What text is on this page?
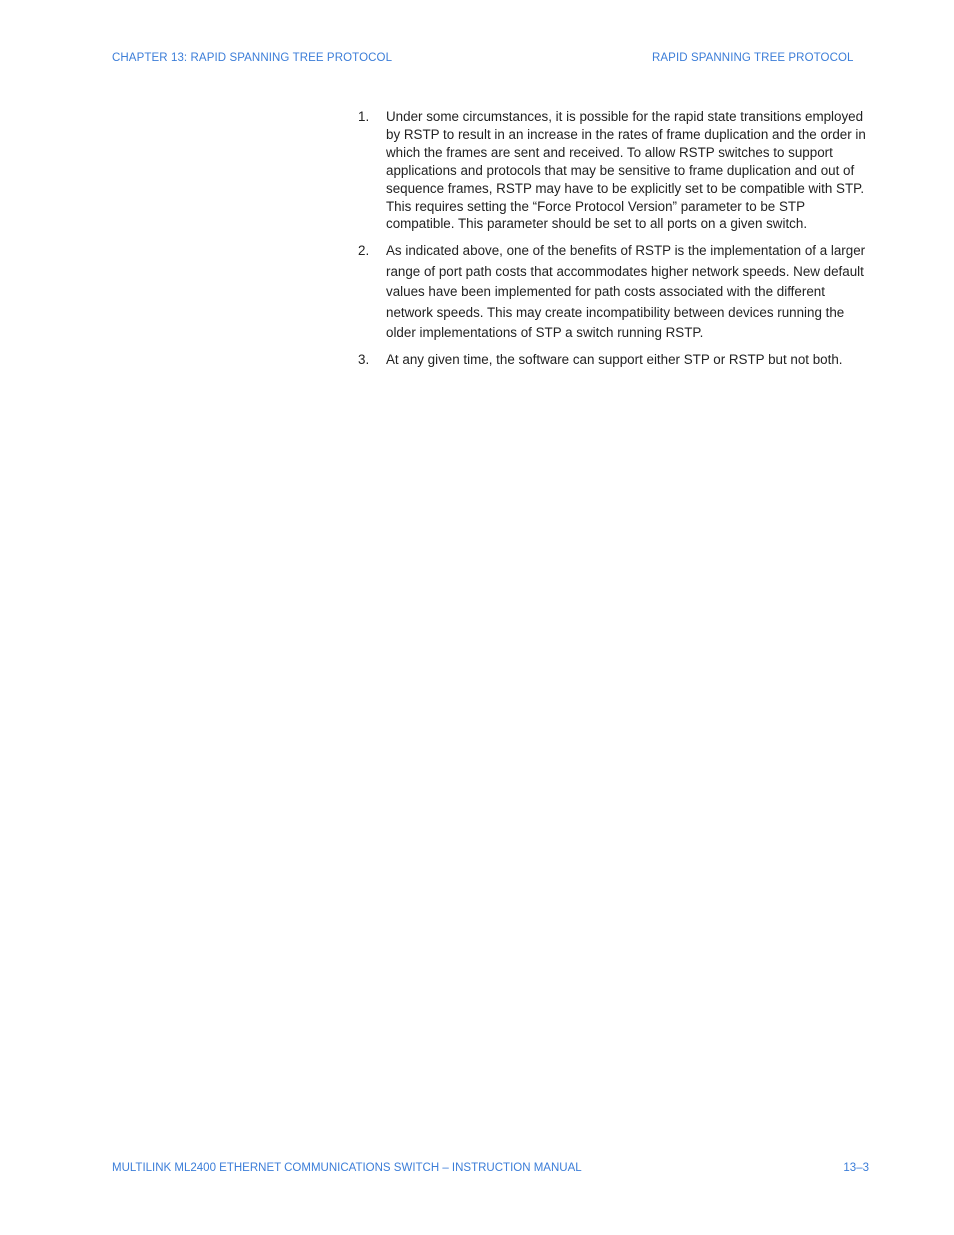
CHAPTER 13: RAPID SPANNING TREE PROTOCOL	RAPID SPANNING TREE PROTOCOL
1.	Under some circumstances, it is possible for the rapid state transitions employed by RSTP to result in an increase in the rates of frame duplication and the order in which the frames are sent and received. To allow RSTP switches to support applications and protocols that may be sensitive to frame duplication and out of sequence frames, RSTP may have to be explicitly set to be compatible with STP. This requires setting the “Force Protocol Version” parameter to be STP compatible. This parameter should be set to all ports on a given switch.
2.	As indicated above, one of the benefits of RSTP is the implementation of a larger range of port path costs that accommodates higher network speeds. New default values have been implemented for path costs associated with the different network speeds. This may create incompatibility between devices running the older implementations of STP a switch running RSTP.
3.	At any given time, the software can support either STP or RSTP but not both.
MULTILINK ML2400 ETHERNET COMMUNICATIONS SWITCH – INSTRUCTION MANUAL	13–3
